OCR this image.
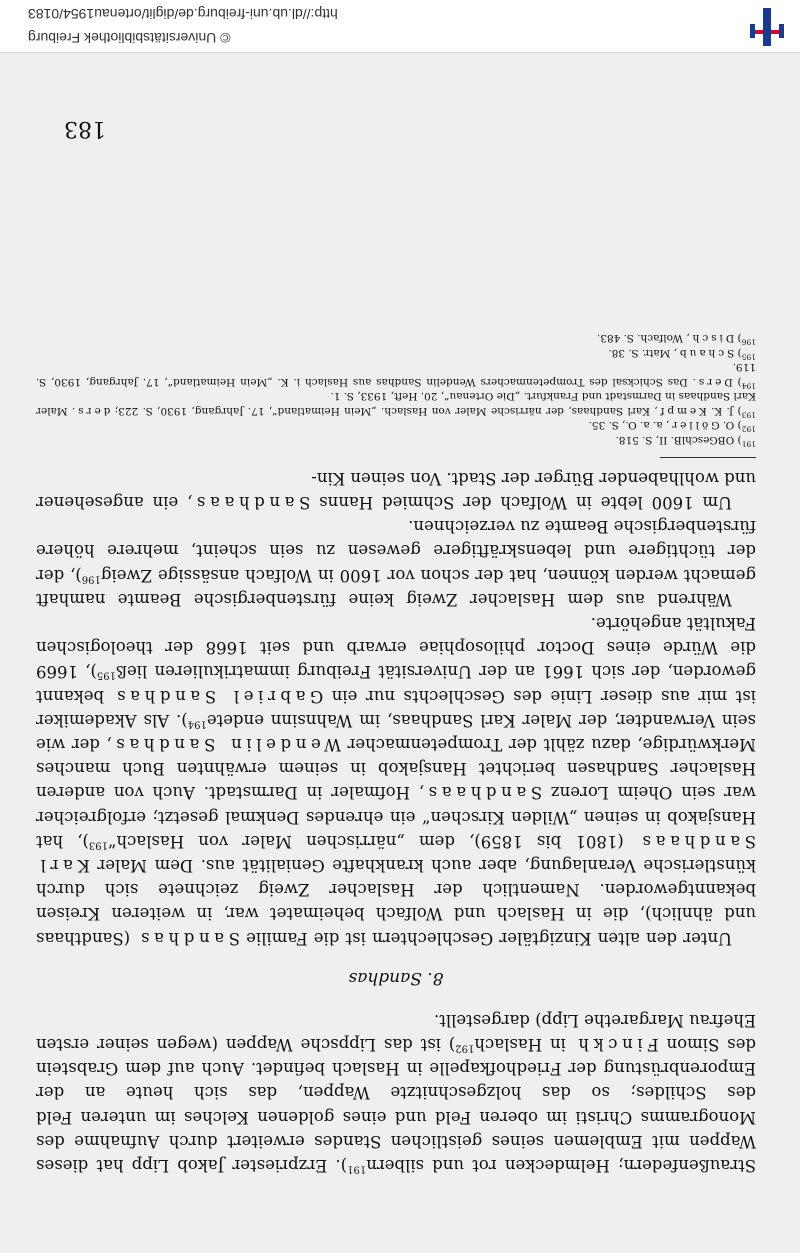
Straußenfedern; Helmdecken rot und silbern$^{191}$). Erzpriester Jakob Lipp hat dieses Wappen mit Emblemen seines geistlichen Standes erweitert durch Aufnahme des Monogramms Christi im oberen Feld und eines goldenen Kelches im unteren Feld des Schildes; so das holzgeschnitzte Wappen, das sich heute an der Emporenbrüstung der Friedhofkapelle in Haslach befindet. Auch auf dem Grabstein des Simon Finckh in Haslach$^{192}$) ist das Lippsche Wappen (wegen seiner ersten Ehefrau Margarethe Lipp) dargestellt.

8. Sandhas

Unter den alten Kinzigtäler Geschlechtern ist die Familie Sandhas (Sandthaas und ähnlich), die in Haslach und Wolfach beheimatet war, in weiteren Kreisen bekanntgeworden. Namentlich der Haslacher Zweig zeichnete sich durch künstlerische Veranlagung, aber auch krankhafte Genialität aus. Dem Maler Karl Sandhaas (1801 bis 1859), dem „närrischen Maler von Haslach“$^{193}$), hat Hansjakob in seinen „Wilden Kirschen“ ein ehrendes Denkmal gesetzt; erfolgreicher war sein Oheim Lorenz Sandhaas, Hofmaler in Darmstadt. Auch von anderen Haslacher Sandhasen berichtet Hansjakob in seinem erwähnten Buch manches Merkwürdige, dazu zählt der Trompetenmacher Wendelin Sandhas, der wie sein Verwandter, der Maler Karl Sandhaas, im Wahnsinn endete$^{194}$). Als Akademiker ist mir aus dieser Linie des Geschlechts nur ein Gabriel Sandhas bekannt geworden, der sich 1661 an der Universität Freiburg immatrikulieren ließ$^{195}$), 1669 die Würde eines Doctor philosophiae erwarb und seit 1668 der theologischen Fakultät angehörte.

Während aus dem Haslacher Zweig keine fürstenbergische Beamte namhaft gemacht werden können, hat der schon vor 1600 in Wolfach ansässige Zweig$^{196}$), der der tüchtigere und lebenskräftigere gewesen zu sein scheint, mehrere höhere fürstenbergische Beamte zu verzeichnen.

Um 1600 lebte in Wolfach der Schmied Hanns Sandhaas, ein angesehener und wohlhabender Bürger der Stadt. Von seinen Kin-

$^{191}$) OBGeschlB. II, S. 518.

$^{192}$) O. Göller, a. a. O., S. 35.

$^{193}$) J. K. Kempf, Karl Sandhaas, der närrische Maler von Haslach. „Mein Heimatland“, 17. Jahrgang, 1930, S. 223; ders. Maler Karl Sandhaas in Darmstadt und Frankfurt. „Die Ortenau“, 20. Heft, 1933, S. 1.

$^{194}$) Ders. Das Schicksal des Trompetenmachers Wendelin Sandhas aus Haslach i. K. „Mein Heimatland“, 17. Jahrgang, 1930, S. 119.

$^{195}$) Schaub, Matr. S. 38.

$^{196}$) Disch, Wolfach. S. 483.

183
© Universitätsbibliothek Freiburg
http://dl.ub.uni-freiburg.de/diglit/ortenau1954/0183
